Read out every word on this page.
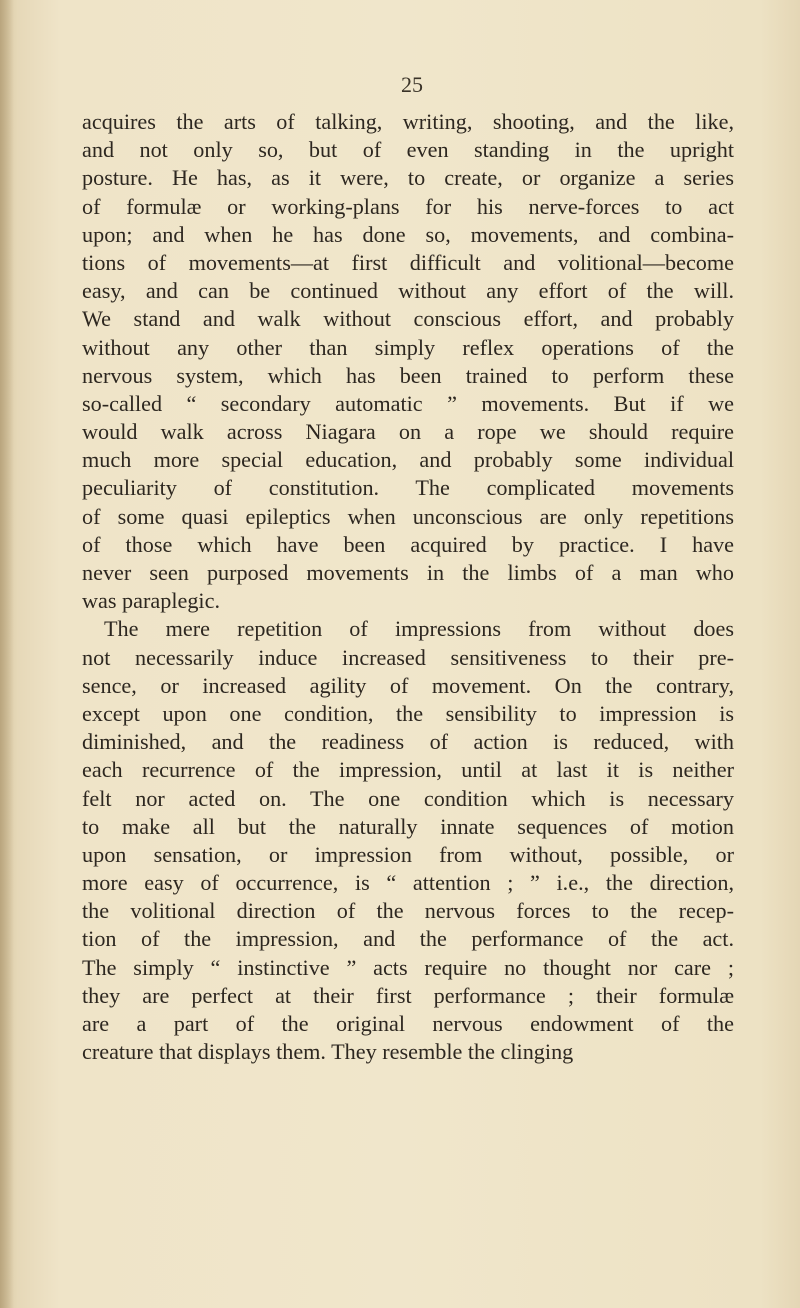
25
acquires the arts of talking, writing, shooting, and the like,
and not only so, but of even standing in the upright
posture. He has, as it were, to create, or organize a series
of formulæ or working-plans for his nerve-forces to act
upon; and when he has done so, movements, and combina-
tions of movements—at first difficult and volitional—become
easy, and can be continued without any effort of the will.
We stand and walk without conscious effort, and probably
without any other than simply reflex operations of the
nervous system, which has been trained to perform these
so-called “ secondary automatic ” movements. But if we
would walk across Niagara on a rope we should require
much more special education, and probably some individual
peculiarity of constitution. The complicated movements
of some quasi epileptics when unconscious are only repetitions
of those which have been acquired by practice. I have
never seen purposed movements in the limbs of a man who
was paraplegic.
The mere repetition of impressions from without does
not necessarily induce increased sensitiveness to their pre-
sence, or increased agility of movement. On the contrary,
except upon one condition, the sensibility to impression is
diminished, and the readiness of action is reduced, with
each recurrence of the impression, until at last it is neither
felt nor acted on. The one condition which is necessary
to make all but the naturally innate sequences of motion
upon sensation, or impression from without, possible, or
more easy of occurrence, is “ attention ; ” i.e., the direction,
the volitional direction of the nervous forces to the recep-
tion of the impression, and the performance of the act.
The simply “ instinctive ” acts require no thought nor care ;
they are perfect at their first performance ; their formulæ
are a part of the original nervous endowment of the
creature that displays them. They resemble the clinging
